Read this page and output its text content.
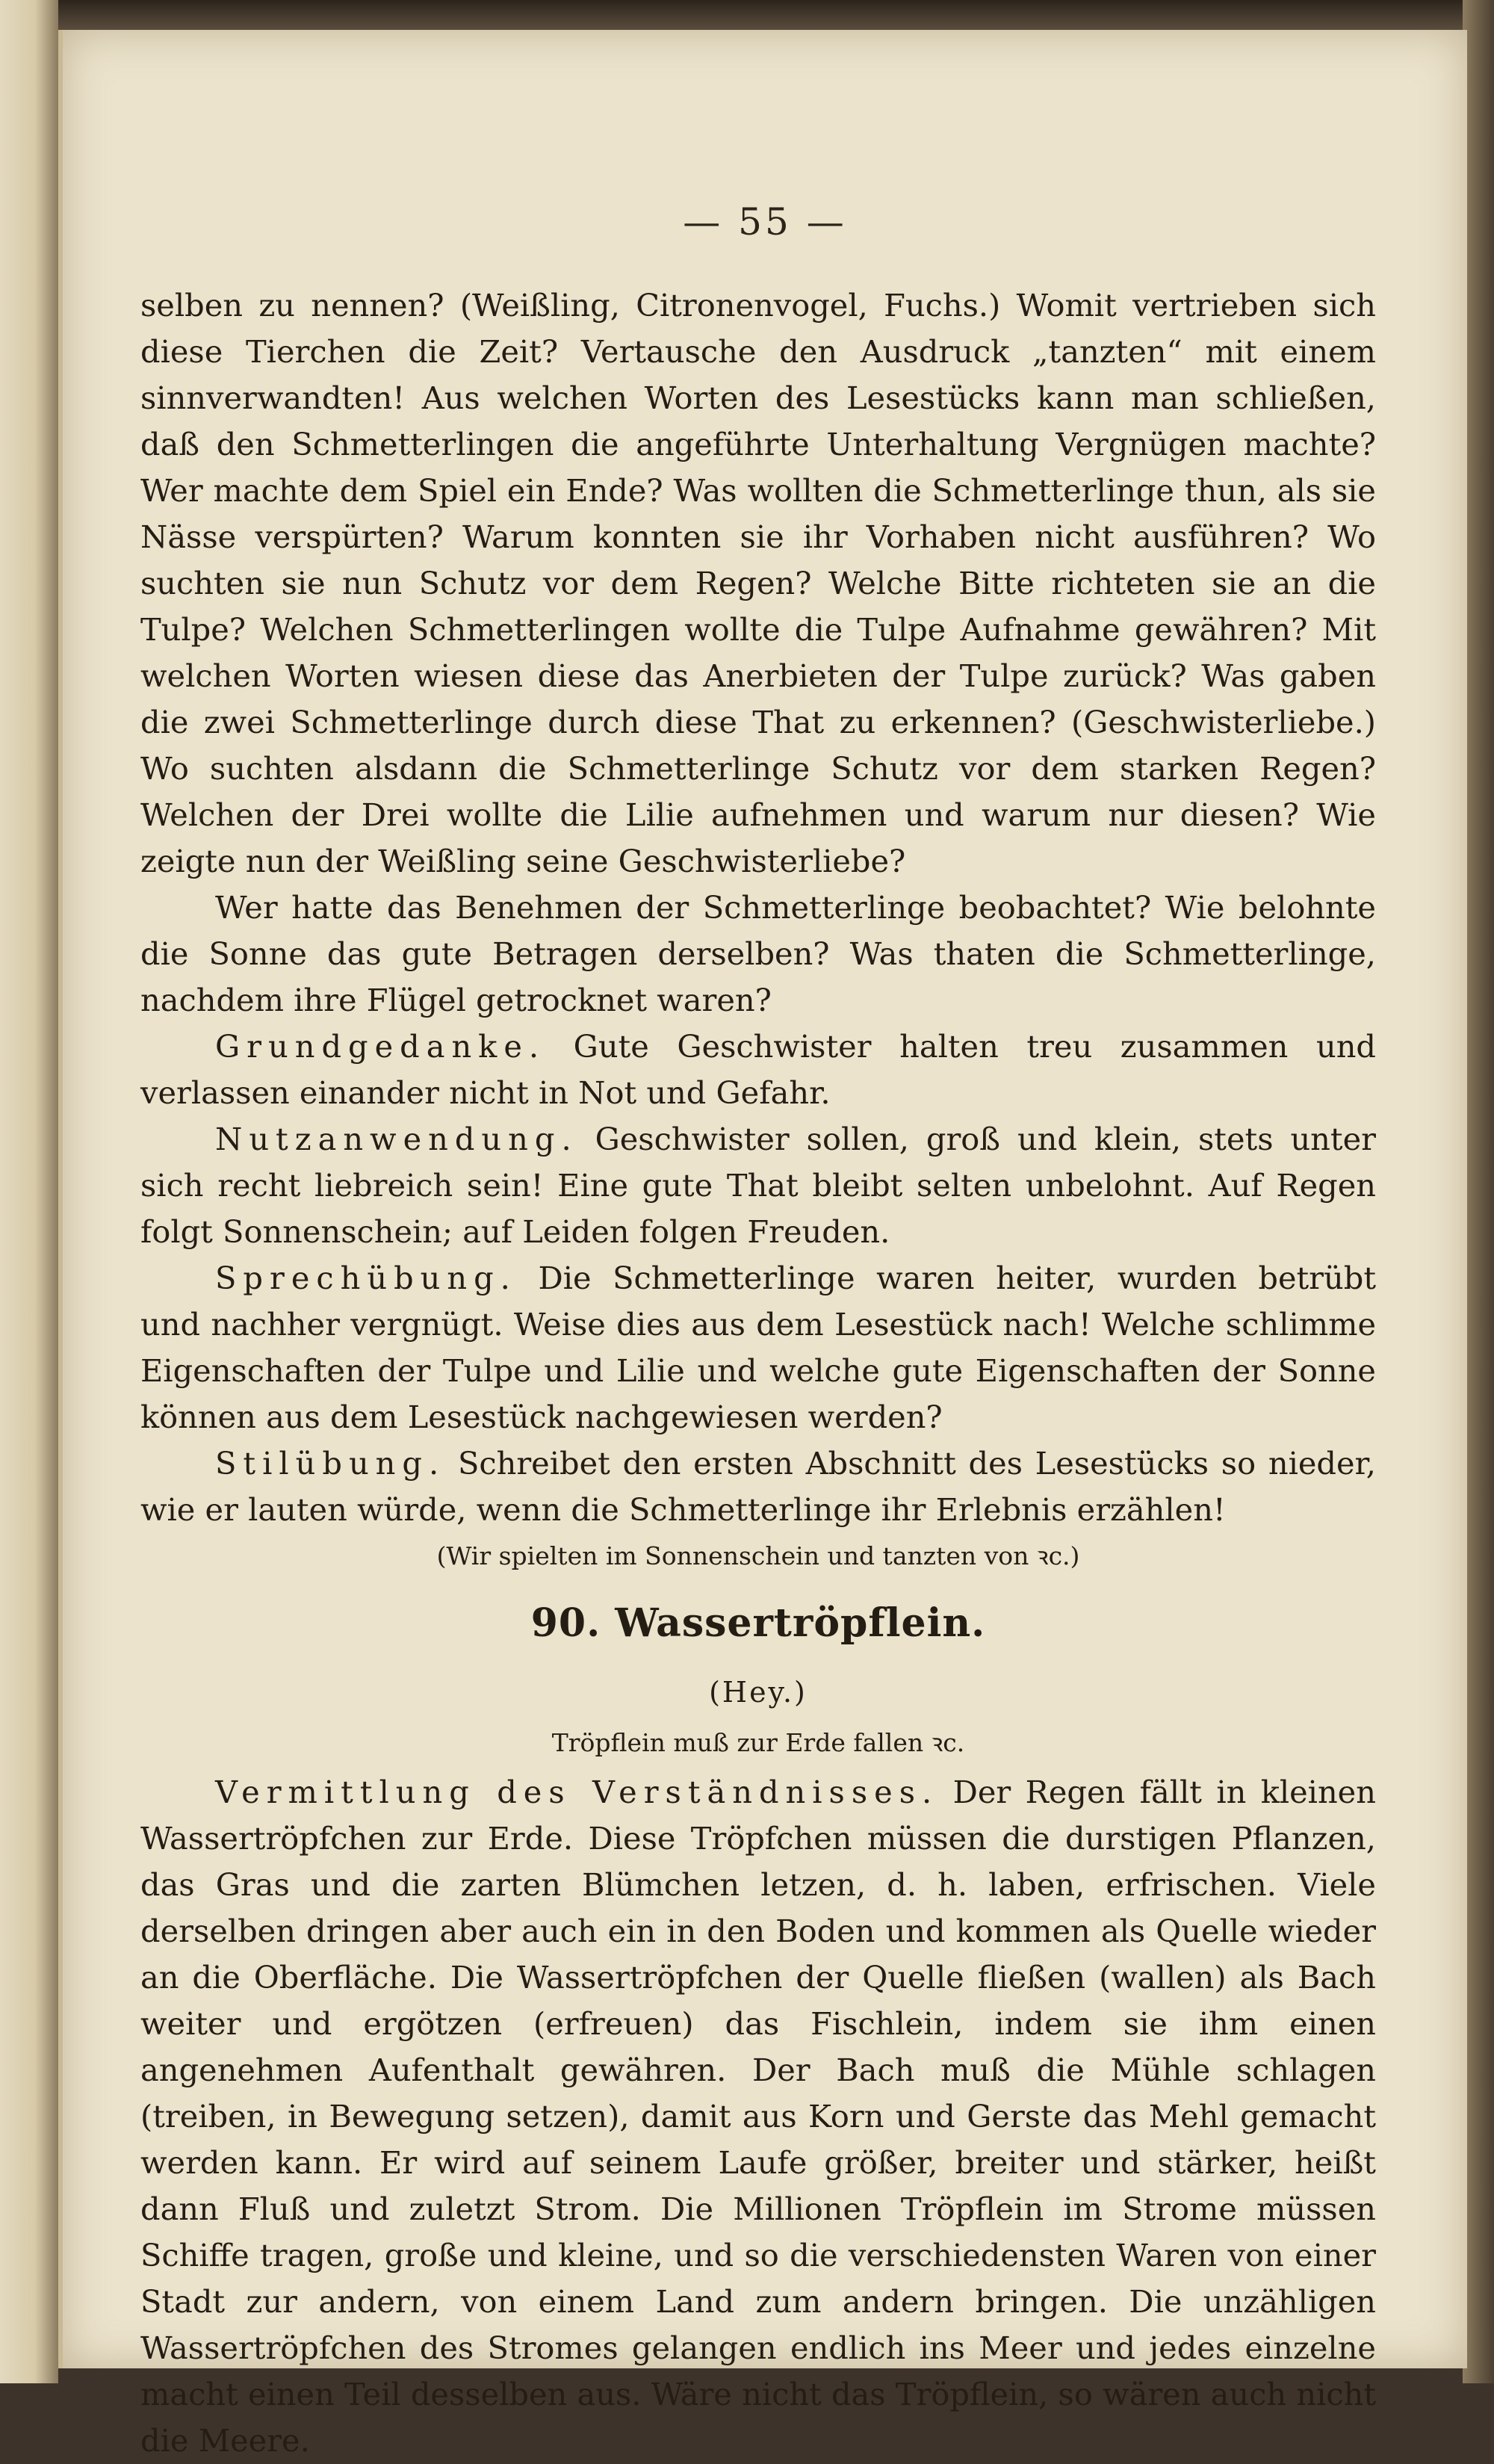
— 55 —

selben zu nennen? (Weißling, Citronenvogel, Fuchs.) Womit vertrieben sich diese Tierchen die Zeit? Vertausche den Ausdruck „tanzten“ mit einem sinnverwandten! Aus welchen Worten des Lesestücks kann man schließen, daß den Schmetterlingen die angeführte Unterhaltung Vergnügen machte? Wer machte dem Spiel ein Ende? Was wollten die Schmetterlinge thun, als sie Nässe verspürten? Warum konnten sie ihr Vorhaben nicht ausführen? Wo suchten sie nun Schutz vor dem Regen? Welche Bitte richteten sie an die Tulpe? Welchen Schmetterlingen wollte die Tulpe Aufnahme gewähren? Mit welchen Worten wiesen diese das Anerbieten der Tulpe zurück? Was gaben die zwei Schmetterlinge durch diese That zu erkennen? (Geschwisterliebe.) Wo suchten alsdann die Schmetterlinge Schutz vor dem starken Regen? Welchen der Drei wollte die Lilie aufnehmen und warum nur diesen? Wie zeigte nun der Weißling seine Geschwisterliebe?

Wer hatte das Benehmen der Schmetterlinge beobachtet? Wie belohnte die Sonne das gute Betragen derselben? Was thaten die Schmetterlinge, nachdem ihre Flügel getrocknet waren?

Grundgedanke. Gute Geschwister halten treu zusammen und verlassen einander nicht in Not und Gefahr.

Nutzanwendung. Geschwister sollen, groß und klein, stets unter sich recht liebreich sein! Eine gute That bleibt selten unbelohnt. Auf Regen folgt Sonnenschein; auf Leiden folgen Freuden.

Sprechübung. Die Schmetterlinge waren heiter, wurden betrübt und nachher vergnügt. Weise dies aus dem Lesestück nach! Welche schlimme Eigenschaften der Tulpe und Lilie und welche gute Eigenschaften der Sonne können aus dem Lesestück nachgewiesen werden?

Stilübung. Schreibet den ersten Abschnitt des Lesestücks so nieder, wie er lauten würde, wenn die Schmetterlinge ihr Erlebnis erzählen!

(Wir spielten im Sonnenschein und tanzten von ꝛc.)

90. Wassertröpflein.

(Hey.)

Tröpflein muß zur Erde fallen ꝛc.

Vermittlung des Verständnisses. Der Regen fällt in kleinen Wassertröpfchen zur Erde. Diese Tröpfchen müssen die durstigen Pflanzen, das Gras und die zarten Blümchen letzen, d. h. laben, erfrischen. Viele derselben dringen aber auch ein in den Boden und kommen als Quelle wieder an die Oberfläche. Die Wassertröpfchen der Quelle fließen (wallen) als Bach weiter und ergötzen (erfreuen) das Fischlein, indem sie ihm einen angenehmen Aufenthalt gewähren. Der Bach muß die Mühle schlagen (treiben, in Bewegung setzen), damit aus Korn und Gerste das Mehl gemacht werden kann. Er wird auf seinem Laufe größer, breiter und stärker, heißt dann Fluß und zuletzt Strom. Die Millionen Tröpflein im Strome müssen Schiffe tragen, große und kleine, und so die verschiedensten Waren von einer Stadt zur andern, von einem Land zum andern bringen. Die unzähligen Wassertröpfchen des Stromes gelangen endlich ins Meer und jedes einzelne macht einen Teil desselben aus. Wäre nicht das Tröpflein, so wären auch nicht die Meere.
